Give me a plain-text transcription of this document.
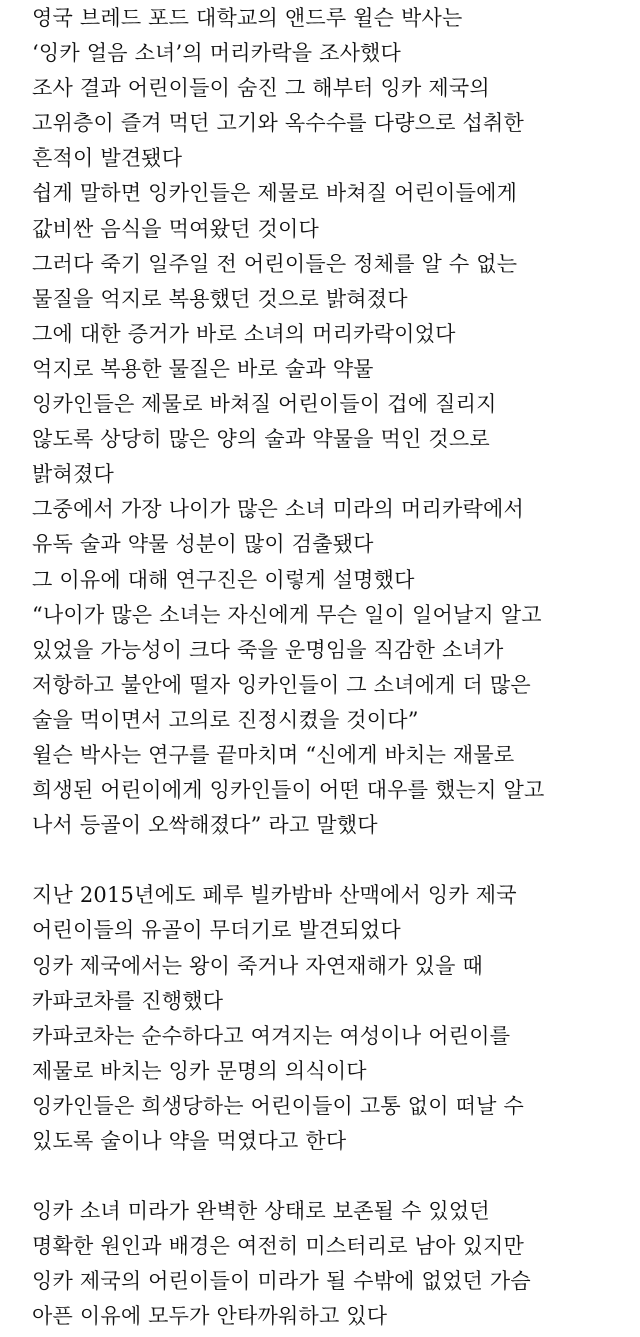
영국 브레드 포드 대학교의 앤드루 윌슨 박사는
‘잉카 얼음 소녀’의 머리카락을 조사했다
조사 결과 어린이들이 숨진 그 해부터 잉카 제국의
고위층이 즐겨 먹던 고기와 옥수수를 다량으로 섭취한
흔적이 발견됐다
쉽게 말하면 잉카인들은 제물로 바쳐질 어린이들에게
값비싼 음식을 먹여왔던 것이다
그러다 죽기 일주일 전 어린이들은 정체를 알 수 없는
물질을 억지로 복용했던 것으로 밝혀졌다
그에 대한 증거가 바로 소녀의 머리카락이었다
억지로 복용한 물질은 바로 술과 약물
잉카인들은 제물로 바쳐질 어린이들이 겁에 질리지
않도록 상당히 많은 양의 술과 약물을 먹인 것으로
밝혀졌다
그중에서 가장 나이가 많은 소녀 미라의 머리카락에서
유독 술과 약물 성분이 많이 검출됐다
그 이유에 대해 연구진은 이렇게 설명했다
“나이가 많은 소녀는 자신에게 무슨 일이 일어날지 알고
있었을 가능성이 크다 죽을 운명임을 직감한 소녀가
저항하고 불안에 떨자 잉카인들이 그 소녀에게 더 많은
술을 먹이면서 고의로 진정시켰을 것이다”
윌슨 박사는 연구를 끝마치며 “신에게 바치는 재물로
희생된 어린이에게 잉카인들이 어떤 대우를 했는지 알고
나서 등골이 오싹해졌다” 라고 말했다
지난 2015년에도 페루 빌카밤바 산맥에서 잉카 제국
어린이들의 유골이 무더기로 발견되었다
잉카 제국에서는 왕이 죽거나 자연재해가 있을 때
카파코차를 진행했다
카파코차는 순수하다고 여겨지는 여성이나 어린이를
제물로 바치는 잉카 문명의 의식이다
잉카인들은 희생당하는 어린이들이 고통 없이 떠날 수
있도록 술이나 약을 먹였다고 한다
잉카 소녀 미라가 완벽한 상태로 보존될 수 있었던
명확한 원인과 배경은 여전히 미스터리로 남아 있지만
잉카 제국의 어린이들이 미라가 될 수밖에 없었던 가슴
아픈 이유에 모두가 안타까워하고 있다
